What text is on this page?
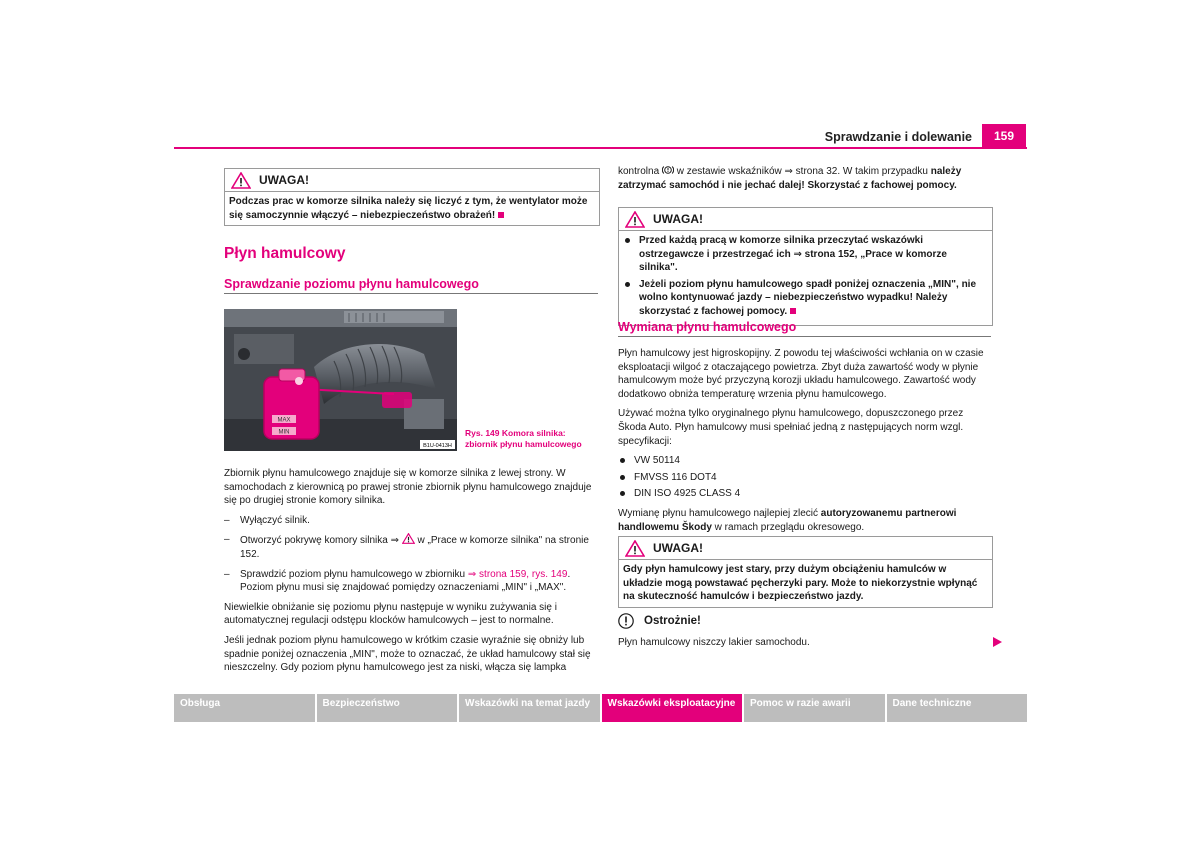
Sprawdzanie i dolewanie	159
UWAGA!
Podczas prac w komorze silnika należy się liczyć z tym, że wentylator może się samoczynnie włączyć – niebezpieczeństwo obrażeń!
Płyn hamulcowy
Sprawdzanie poziomu płynu hamulcowego
MAX
MIN
B1U-0413H
Rys. 149 Komora silnika:
zbiornik płynu hamulcowego

Zbiornik płynu hamulcowego znajduje się w komorze silnika z lewej strony. W samochodach z kierownicą po prawej stronie zbiornik płynu hamulcowego znajduje się po drugiej stronie komory silnika.

– Wyłączyć silnik.
– Otworzyć pokrywę komory silnika ⇒  w „Prace w komorze silnika" na stronie 152.
– Sprawdzić poziom płynu hamulcowego w zbiorniku ⇒ strona 159, rys. 149. Poziom płynu musi się znajdować pomiędzy oznaczeniami „MIN" i „MAX".

Niewielkie obniżanie się poziomu płynu następuje w wyniku zużywania się i automatycznej regulacji odstępu klocków hamulcowych – jest to normalne.

Jeśli jednak poziom płynu hamulcowego w krótkim czasie wyraźnie się obniży lub spadnie poniżej oznaczenia „MIN", może to oznaczać, że układ hamulcowy stał się nieszczelny. Gdy poziom płynu hamulcowego jest za niski, włącza się lampka

kontrolna  w zestawie wskaźników ⇒ strona 32. W takim przypadku należy zatrzymać samochód i nie jechać dalej! Skorzystać z fachowej pomocy.

UWAGA!
Przed każdą pracą w komorze silnika przeczytać wskazówki ostrzegawcze i przestrzegać ich ⇒ strona 152, „Prace w komorze silnika".
Jeżeli poziom płynu hamulcowego spadł poniżej oznaczenia „MIN", nie wolno kontynuować jazdy – niebezpieczeństwo wypadku! Należy skorzystać z fachowej pomocy.
Wymiana płynu hamulcowego

Płyn hamulcowy jest higroskopijny. Z powodu tej właściwości wchłania on w czasie eksploatacji wilgoć z otaczającego powietrza. Zbyt duża zawartość wody w płynie hamulcowym może być przyczyną korozji układu hamulcowego. Zawartość wody dodatkowo obniża temperaturę wrzenia płynu hamulcowego.

Używać można tylko oryginalnego płynu hamulcowego, dopuszczonego przez Škoda Auto. Płyn hamulcowy musi spełniać jedną z następujących norm wzgl. specyfikacji:

VW 50114
FMVSS 116 DOT4
DIN ISO 4925 CLASS 4

Wymianę płynu hamulcowego najlepiej zlecić autoryzowanemu partnerowi handlowemu Škody w ramach przeglądu okresowego.

UWAGA!
Gdy płyn hamulcowy jest stary, przy dużym obciążeniu hamulców w układzie mogą powstawać pęcherzyki pary. Może to niekorzystnie wpłynąć na skuteczność hamulców i bezpieczeństwo jazdy.
Ostrożnie!
Płyn hamulcowy niszczy lakier samochodu.
Obsługa	Bezpieczeństwo	Wskazówki na temat jazdy	Wskazówki eksploatacyjne	Pomoc w razie awarii	Dane techniczne
